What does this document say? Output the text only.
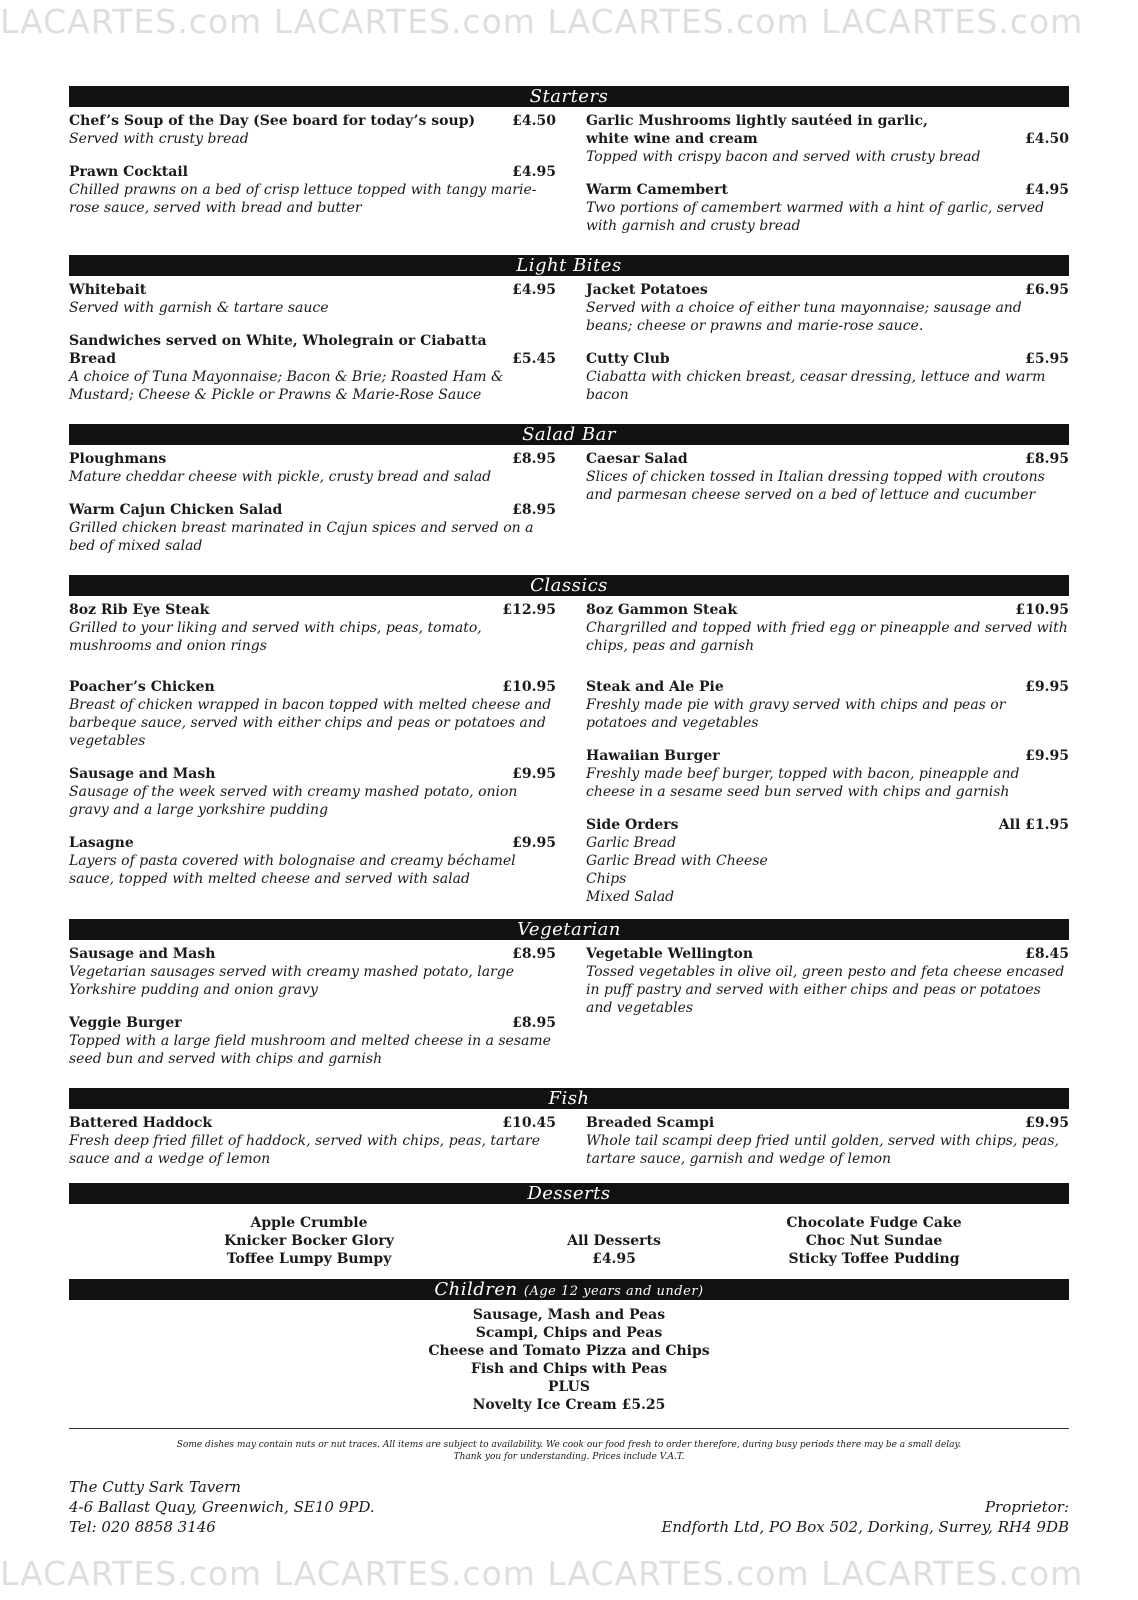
LACARTES.com LACARTES.com LACARTES.com LACARTES.com
Starters
Chef’s Soup of the Day (See board for today’s soup)	£4.50
Served with crusty bread
Prawn Cocktail	£4.95
Chilled prawns on a bed of crisp lettuce topped with tangy marie-rose sauce, served with bread and butter
Garlic Mushrooms lightly sautéed in garlic,
white wine and cream	£4.50
Topped with crispy bacon and served with crusty bread
Warm Camembert	£4.95
Two portions of camembert warmed with a hint of garlic, served with garnish and crusty bread
Light Bites
Whitebait	£4.95
Served with garnish & tartare sauce
Sandwiches served on White, Wholegrain or Ciabatta Bread	£5.45
A choice of Tuna Mayonnaise; Bacon & Brie; Roasted Ham & Mustard; Cheese & Pickle or Prawns & Marie-Rose Sauce
Jacket Potatoes	£6.95
Served with a choice of either tuna mayonnaise; sausage and beans; cheese or prawns and marie-rose sauce.
Cutty Club	£5.95
Ciabatta with chicken breast, ceasar dressing, lettuce and warm bacon
Salad Bar
Ploughmans	£8.95
Mature cheddar cheese with pickle, crusty bread and salad
Warm Cajun Chicken Salad	£8.95
Grilled chicken breast marinated in Cajun spices and served on a bed of mixed salad
Caesar Salad	£8.95
Slices of chicken tossed in Italian dressing topped with croutons and parmesan cheese served on a bed of lettuce and cucumber
Classics
8oz Rib Eye Steak	£12.95
Grilled to your liking and served with chips, peas, tomato, mushrooms and onion rings
Poacher’s Chicken	£10.95
Breast of chicken wrapped in bacon topped with melted cheese and barbeque sauce, served with either chips and peas or potatoes and vegetables
Sausage and Mash	£9.95
Sausage of the week served with creamy mashed potato, onion gravy and a large yorkshire pudding
Lasagne	£9.95
Layers of pasta covered with bolognaise and creamy béchamel sauce, topped with melted cheese and served with salad
8oz Gammon Steak	£10.95
Chargrilled and topped with fried egg or pineapple and served with chips, peas and garnish
Steak and Ale Pie	£9.95
Freshly made pie with gravy served with chips and peas or potatoes and vegetables
Hawaiian Burger	£9.95
Freshly made beef burger, topped with bacon, pineapple and cheese in a sesame seed bun served with chips and garnish
Side Orders	All £1.95
Garlic Bread
Garlic Bread with Cheese
Chips
Mixed Salad
Vegetarian
Sausage and Mash	£8.95
Vegetarian sausages served with creamy mashed potato, large Yorkshire pudding and onion gravy
Veggie Burger	£8.95
Topped with a large field mushroom and melted cheese in a sesame seed bun and served with chips and garnish
Vegetable Wellington	£8.45
Tossed vegetables in olive oil, green pesto and feta cheese encased in puff pastry and served with either chips and peas or potatoes and vegetables
Fish
Battered Haddock	£10.45
Fresh deep fried fillet of haddock, served with chips, peas, tartare sauce and a wedge of lemon
Breaded Scampi	£9.95
Whole tail scampi deep fried until golden, served with chips, peas, tartare sauce, garnish and wedge of lemon
Desserts
Apple Crumble
Knicker Bocker Glory
Toffee Lumpy Bumpy
All Desserts £4.95
Chocolate Fudge Cake
Choc Nut Sundae
Sticky Toffee Pudding
Children (Age 12 years and under)
Sausage, Mash and Peas
Scampi, Chips and Peas
Cheese and Tomato Pizza and Chips
Fish and Chips with Peas
PLUS
Novelty Ice Cream £5.25
Some dishes may contain nuts or nut traces. All items are subject to availability. We cook our food fresh to order therefore, during busy periods there may be a small delay.
Thank you for understanding. Prices include V.A.T.
The Cutty Sark Tavern
4-6 Ballast Quay, Greenwich, SE10 9PD.
Tel: 020 8858 3146
Proprietor:
Endforth Ltd, PO Box 502, Dorking, Surrey, RH4 9DB
LACARTES.com LACARTES.com LACARTES.com LACARTES.com
